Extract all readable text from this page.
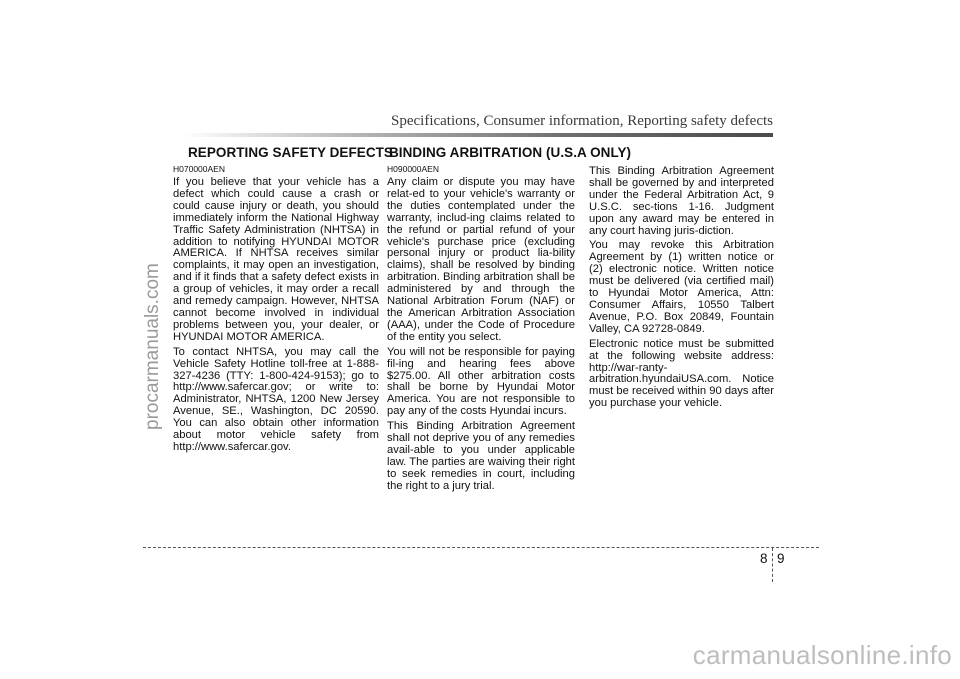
Specifications, Consumer information, Reporting safety defects
REPORTING SAFETY DEFECTS
BINDING ARBITRATION (U.S.A ONLY)
H070000AEN

If you believe that your vehicle has a defect which could cause a crash or could cause injury or death, you should immediately inform the National Highway Traffic Safety Administration (NHTSA) in addition to notifying HYUNDAI MOTOR AMERICA. If NHTSA receives similar complaints, it may open an investigation, and if it finds that a safety defect exists in a group of vehicles, it may order a recall and remedy campaign. However, NHTSA cannot become involved in individual problems between you, your dealer, or HYUNDAI MOTOR AMERICA.

To contact NHTSA, you may call the Vehicle Safety Hotline toll-free at 1-888-327-4236 (TTY: 1-800-424-9153); go to http://www.safercar.gov; or write to: Administrator, NHTSA, 1200 New Jersey Avenue, SE., Washington, DC 20590. You can also obtain other information about motor vehicle safety from http://www.safercar.gov.

H090000AEN

Any claim or dispute you may have relat-ed to your vehicle's warranty or the duties contemplated under the warranty, includ-ing claims related to the refund or partial refund of your vehicle's purchase price (excluding personal injury or product lia-bility claims), shall be resolved by binding arbitration. Binding arbitration shall be administered by and through the National Arbitration Forum (NAF) or the American Arbitration Association (AAA), under the Code of Procedure of the entity you select.

You will not be responsible for paying fil-ing and hearing fees above $275.00. All other arbitration costs shall be borne by Hyundai Motor America. You are not responsible to pay any of the costs Hyundai incurs.

This Binding Arbitration Agreement shall not deprive you of any remedies avail-able to you under applicable law. The parties are waiving their right to seek remedies in court, including the right to a jury trial.

This Binding Arbitration Agreement shall be governed by and interpreted under the Federal Arbitration Act, 9 U.S.C. sec-tions 1-16. Judgment upon any award may be entered in any court having juris-diction.

You may revoke this Arbitration Agreement by (1) written notice or (2) electronic notice. Written notice must be delivered (via certified mail) to Hyundai Motor America, Attn: Consumer Affairs, 10550 Talbert Avenue, P.O. Box 20849, Fountain Valley, CA 92728-0849.

Electronic notice must be submitted at the following website address: http://war-ranty-arbitration.hyundaiUSA.com. Notice must be received within 90 days after you purchase your vehicle.

procarmanuals.com
8 9
carmanualsonline.info
